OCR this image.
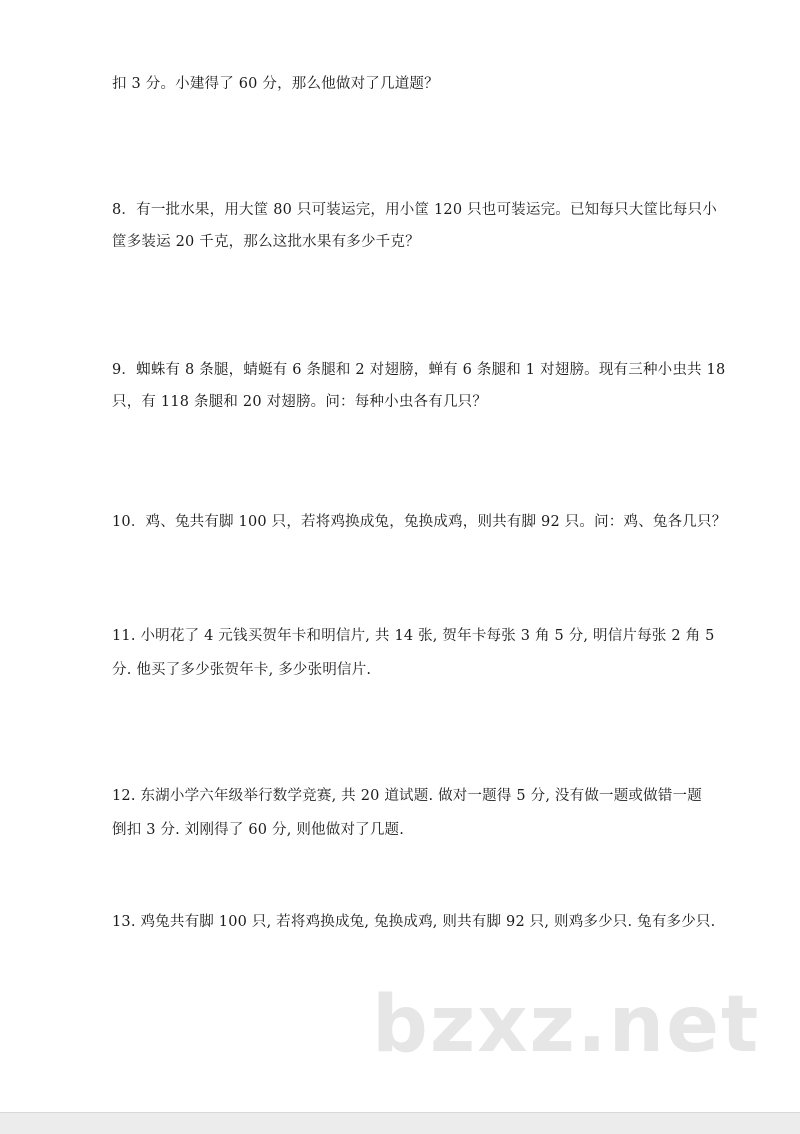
扣 3 分。小建得了 60 分，那么他做对了几道题？
8．有一批水果，用大筐 80 只可装运完，用小筐 120 只也可装运完。已知每只大筐比每只小
筐多装运 20 千克，那么这批水果有多少千克？
9．蜘蛛有 8 条腿，蜻蜓有 6 条腿和 2 对翅膀，蝉有 6 条腿和 1 对翅膀。现有三种小虫共 18
只，有 118 条腿和 20 对翅膀。问：每种小虫各有几只？
10．鸡、兔共有脚 100 只，若将鸡换成兔，兔换成鸡，则共有脚 92 只。问：鸡、兔各几只？
11. 小明花了 4 元钱买贺年卡和明信片, 共 14 张, 贺年卡每张 3 角 5 分, 明信片每张 2 角 5
分. 他买了多少张贺年卡, 多少张明信片.
12. 东湖小学六年级举行数学竞赛, 共 20 道试题. 做对一题得 5 分, 没有做一题或做错一题
倒扣 3 分. 刘刚得了 60 分, 则他做对了几题.
13. 鸡兔共有脚 100 只, 若将鸡换成兔, 兔换成鸡, 则共有脚 92 只, 则鸡多少只. 兔有多少只.
bzxz.net
